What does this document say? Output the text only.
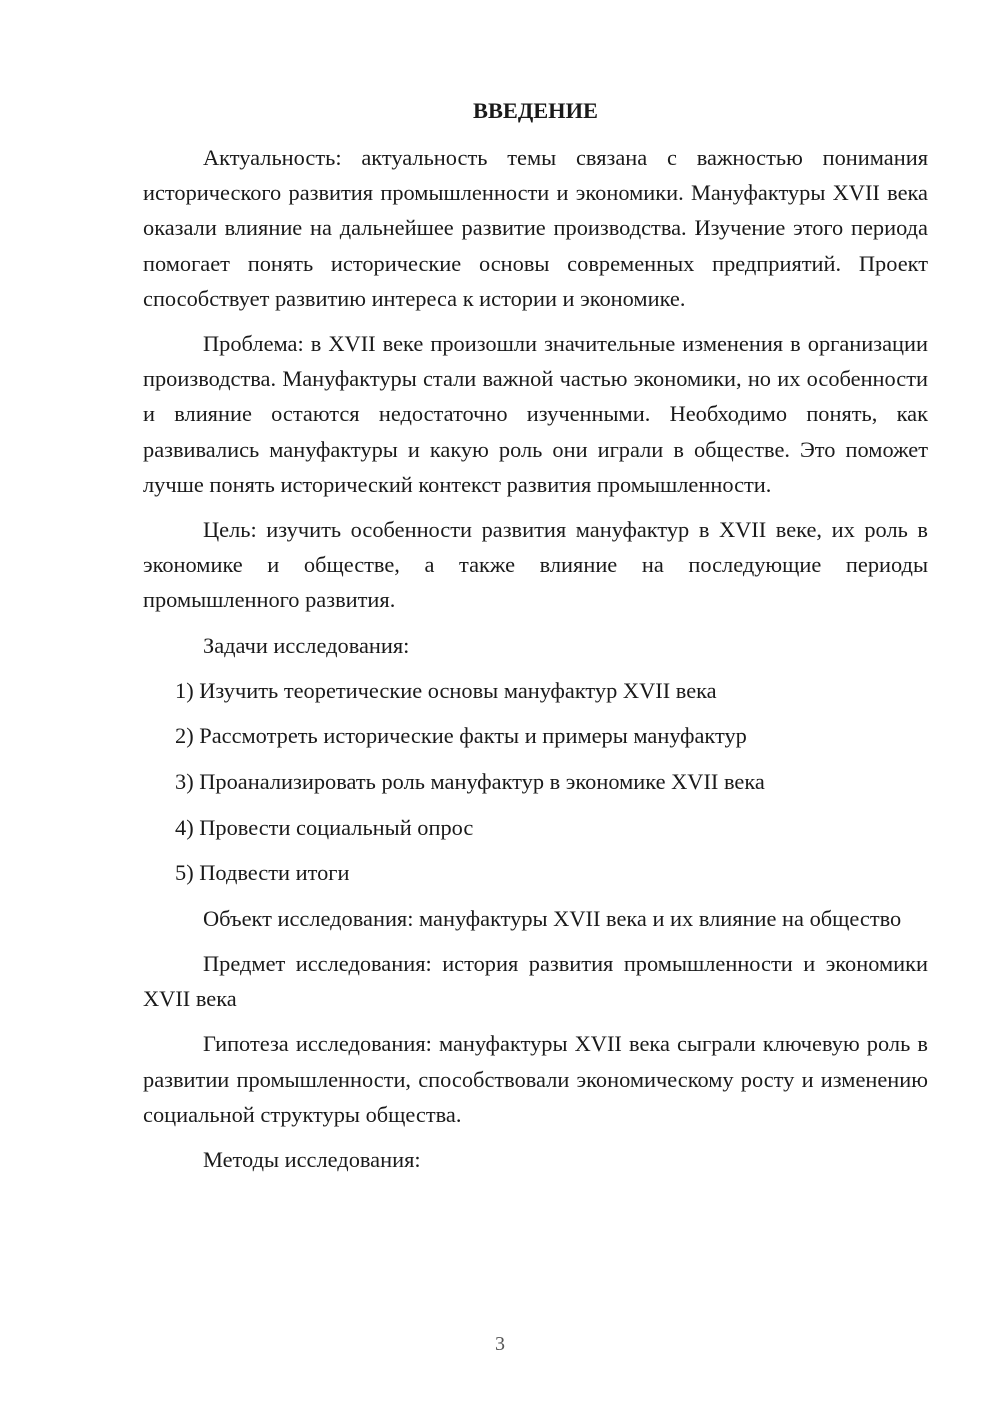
ВВЕДЕНИЕ

Актуальность: актуальность темы связана с важностью понимания исторического развития промышленности и экономики. Мануфактуры XVII века оказали влияние на дальнейшее развитие производства. Изучение этого периода помогает понять исторические основы современных предприятий. Проект способствует развитию интереса к истории и экономике.

Проблема: в XVII веке произошли значительные изменения в организации производства. Мануфактуры стали важной частью экономики, но их особенности и влияние остаются недостаточно изученными. Необходимо понять, как развивались мануфактуры и какую роль они играли в обществе. Это поможет лучше понять исторический контекст развития промышленности.

Цель: изучить особенности развития мануфактур в XVII веке, их роль в экономике и обществе, а также влияние на последующие периоды промышленного развития.

Задачи исследования:

1) Изучить теоретические основы мануфактур XVII века
2) Рассмотреть исторические факты и примеры мануфактур
3) Проанализировать роль мануфактур в экономике XVII века
4) Провести социальный опрос
5) Подвести итоги

Объект исследования: мануфактуры XVII века и их влияние на общество

Предмет исследования: история развития промышленности и экономики XVII века

Гипотеза исследования: мануфактуры XVII века сыграли ключевую роль в развитии промышленности, способствовали экономическому росту и изменению социальной структуры общества.

Методы исследования:

3
